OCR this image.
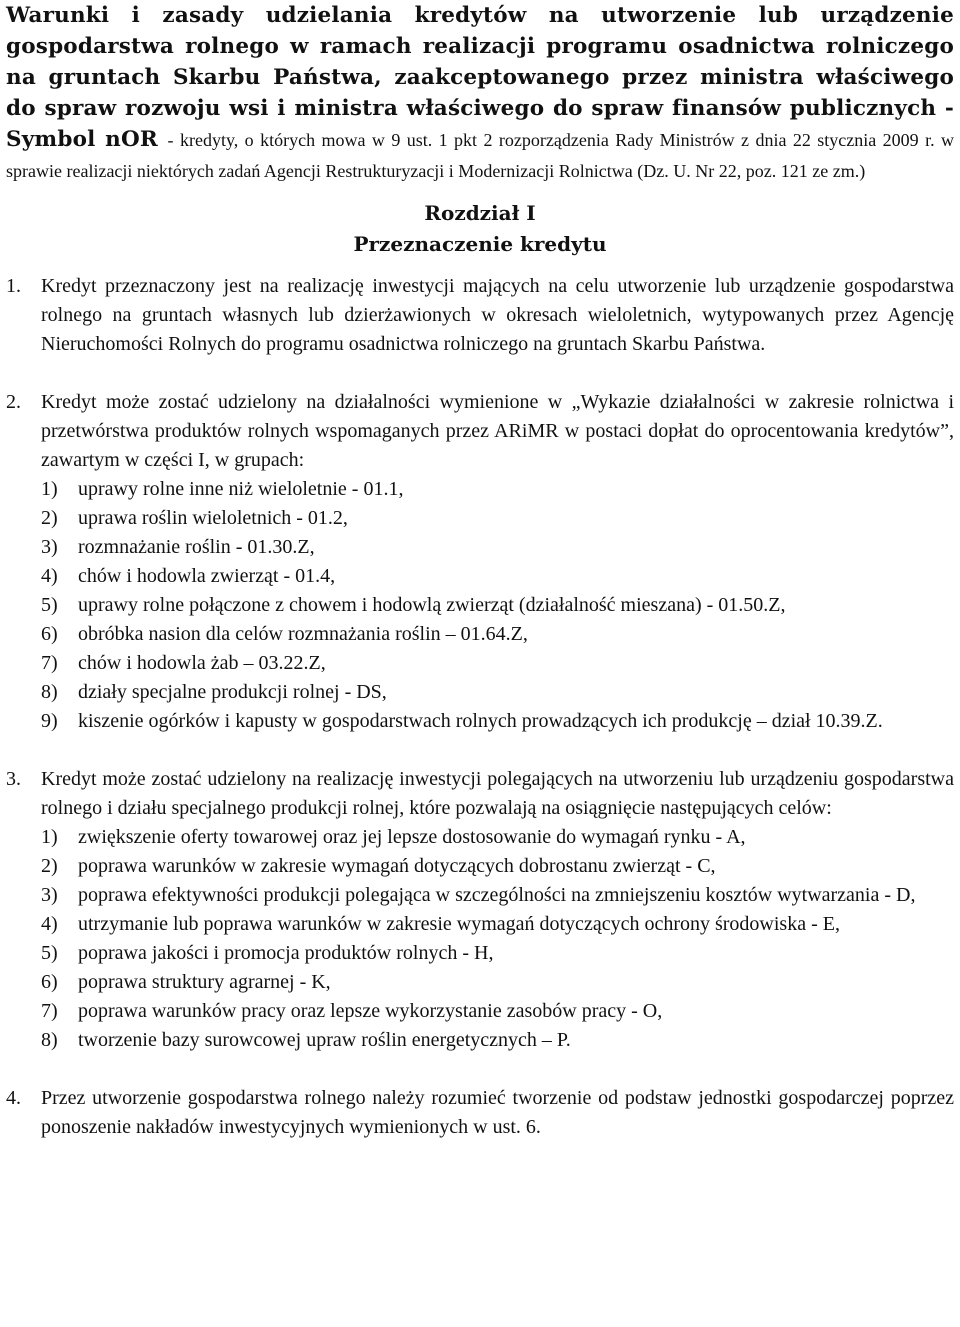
Warunki i zasady udzielania kredytów na utworzenie lub urządzenie gospodarstwa rolnego w ramach realizacji programu osadnictwa rolniczego na gruntach Skarbu Państwa, zaakceptowanego przez ministra właściwego do spraw rozwoju wsi i ministra właściwego do spraw finansów publicznych - Symbol nOR - kredyty, o których mowa w 9 ust. 1 pkt 2 rozporządzenia Rady Ministrów z dnia 22 stycznia 2009 r. w sprawie realizacji niektórych zadań Agencji Restrukturyzacji i Modernizacji Rolnictwa (Dz. U. Nr 22, poz. 121 ze zm.)
Rozdział I
Przeznaczenie kredytu
1.	Kredyt przeznaczony jest na realizację inwestycji mających na celu utworzenie lub urządzenie gospodarstwa rolnego na gruntach własnych lub dzierżawionych w okresach wieloletnich, wytypowanych przez Agencję Nieruchomości Rolnych do programu osadnictwa rolniczego na gruntach Skarbu Państwa.
2.	Kredyt może zostać udzielony na działalności wymienione w „Wykazie działalności w zakresie rolnictwa i przetwórstwa produktów rolnych wspomaganych przez ARiMR w postaci dopłat do oprocentowania kredytów”, zawartym w części I, w grupach:
1)	uprawy rolne inne niż wieloletnie - 01.1,
2)	uprawa roślin wieloletnich - 01.2,
3)	rozmnażanie roślin - 01.30.Z,
4)	chów i hodowla zwierząt - 01.4,
5)	uprawy rolne połączone z chowem i hodowlą zwierząt (działalność mieszana) - 01.50.Z,
6)	obróbka nasion dla celów rozmnażania roślin – 01.64.Z,
7)	chów i hodowla żab – 03.22.Z,
8)	działy specjalne produkcji rolnej - DS,
9)	kiszenie ogórków i kapusty w gospodarstwach rolnych prowadzących ich produkcję – dział 10.39.Z.
3.	Kredyt może zostać udzielony na realizację inwestycji polegających na utworzeniu lub urządzeniu gospodarstwa rolnego i działu specjalnego produkcji rolnej, które pozwalają na osiągnięcie następujących celów:
1)	zwiększenie oferty towarowej oraz jej lepsze dostosowanie do wymagań rynku - A,
2)	poprawa warunków w zakresie wymagań dotyczących dobrostanu zwierząt - C,
3)	poprawa efektywności produkcji polegająca w szczególności na zmniejszeniu kosztów wytwarzania - D,
4)	utrzymanie lub poprawa warunków w zakresie wymagań dotyczących ochrony środowiska - E,
5)	poprawa jakości i promocja produktów rolnych - H,
6)	poprawa struktury agrarnej - K,
7)	poprawa warunków pracy oraz lepsze wykorzystanie zasobów pracy - O,
8)	tworzenie bazy surowcowej upraw roślin energetycznych – P.
4.	Przez utworzenie gospodarstwa rolnego należy rozumieć tworzenie od podstaw jednostki gospodarczej poprzez ponoszenie nakładów inwestycyjnych wymienionych w ust. 6.
